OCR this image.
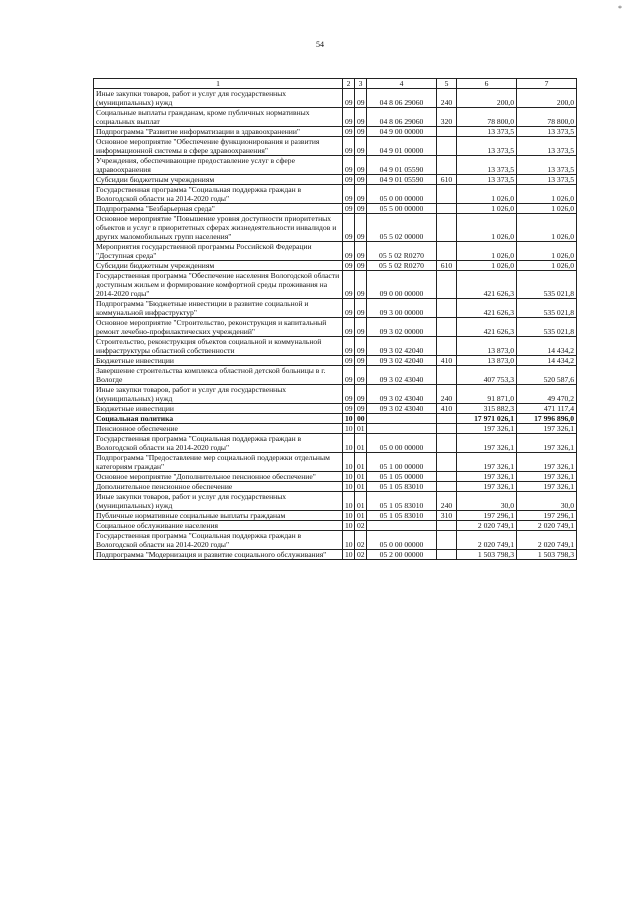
*
54
1	2	3	4	5	6	7
Иные закупки товаров, работ и услуг для государственных (муниципальных) нужд	09	09	04 8 06 29060	240	200,0	200,0
Социальные выплаты гражданам, кроме публичных нормативных социальных выплат	09	09	04 8 06 29060	320	78 800,0	78 800,0
Подпрограмма "Развитие информатизации в здравоохранении"	09	09	04 9 00 00000		13 373,5	13 373,5
Основное мероприятие "Обеспечение функционирования и развития информационной системы в сфере здравоохранения"	09	09	04 9 01 00000		13 373,5	13 373,5
Учреждения, обеспечивающие предоставление услуг в сфере здравоохранения	09	09	04 9 01 05590		13 373,5	13 373,5
Субсидии бюджетным учреждениям	09	09	04 9 01 05590	610	13 373,5	13 373,5
Государственная программа "Социальная поддержка граждан в Вологодской области на 2014-2020 годы"	09	09	05 0 00 00000		1 026,0	1 026,0
Подпрограмма "Безбарьерная среда"	09	09	05 5 00 00000		1 026,0	1 026,0
Основное мероприятие "Повышение уровня доступности приоритетных объектов и услуг в приоритетных сферах жизнедеятельности инвалидов и других маломобильных групп населения"	09	09	05 5 02 00000		1 026,0	1 026,0
Мероприятия государственной программы Российской Федерации "Доступная среда"	09	09	05 5 02 R0270		1 026,0	1 026,0
Субсидии бюджетным учреждениям	09	09	05 5 02 R0270	610	1 026,0	1 026,0
Государственная программа "Обеспечение населения Вологодской области доступным жильем и формирование комфортной среды проживания на 2014-2020 годы"	09	09	09 0 00 00000		421 626,3	535 021,8
Подпрограмма "Бюджетные инвестиции в развитие социальной и коммунальной инфраструктур"	09	09	09 3 00 00000		421 626,3	535 021,8
Основное мероприятие "Строительство, реконструкция и капитальный ремонт лечебно-профилактических учреждений"	09	09	09 3 02 00000		421 626,3	535 021,8
Строительство, реконструкция объектов социальной и коммунальной инфраструктуры областной собственности	09	09	09 3 02 42040		13 873,0	14 434,2
Бюджетные инвестиции	09	09	09 3 02 42040	410	13 873,0	14 434,2
Завершение строительства комплекса областной детской больницы в г. Вологде	09	09	09 3 02 43040		407 753,3	520 587,6
Иные закупки товаров, работ и услуг для государственных (муниципальных) нужд	09	09	09 3 02 43040	240	91 871,0	49 470,2
Бюджетные инвестиции	09	09	09 3 02 43040	410	315 882,3	471 117,4
Социальная политика	10	00			17 971 026,1	17 996 896,0
Пенсионное обеспечение	10	01			197 326,1	197 326,1
Государственная программа "Социальная поддержка граждан в Вологодской области на 2014-2020 годы"	10	01	05 0 00 00000		197 326,1	197 326,1
Подпрограмма "Предоставление мер социальной поддержки отдельным категориям граждан"	10	01	05 1 00 00000		197 326,1	197 326,1
Основное мероприятие "Дополнительное пенсионное обеспечение"	10	01	05 1 05 00000		197 326,1	197 326,1
Дополнительное пенсионное обеспечение	10	01	05 1 05 83010		197 326,1	197 326,1
Иные закупки товаров, работ и услуг для государственных (муниципальных) нужд	10	01	05 1 05 83010	240	30,0	30,0
Публичные нормативные социальные выплаты гражданам	10	01	05 1 05 83010	310	197 296,1	197 296,1
Социальное обслуживание населения	10	02			2 020 749,1	2 020 749,1
Государственная программа "Социальная поддержка граждан в Вологодской области на 2014-2020 годы"	10	02	05 0 00 00000		2 020 749,1	2 020 749,1
Подпрограмма "Модернизация и развитие социального обслуживания"	10	02	05 2 00 00000		1 503 798,3	1 503 798,3
